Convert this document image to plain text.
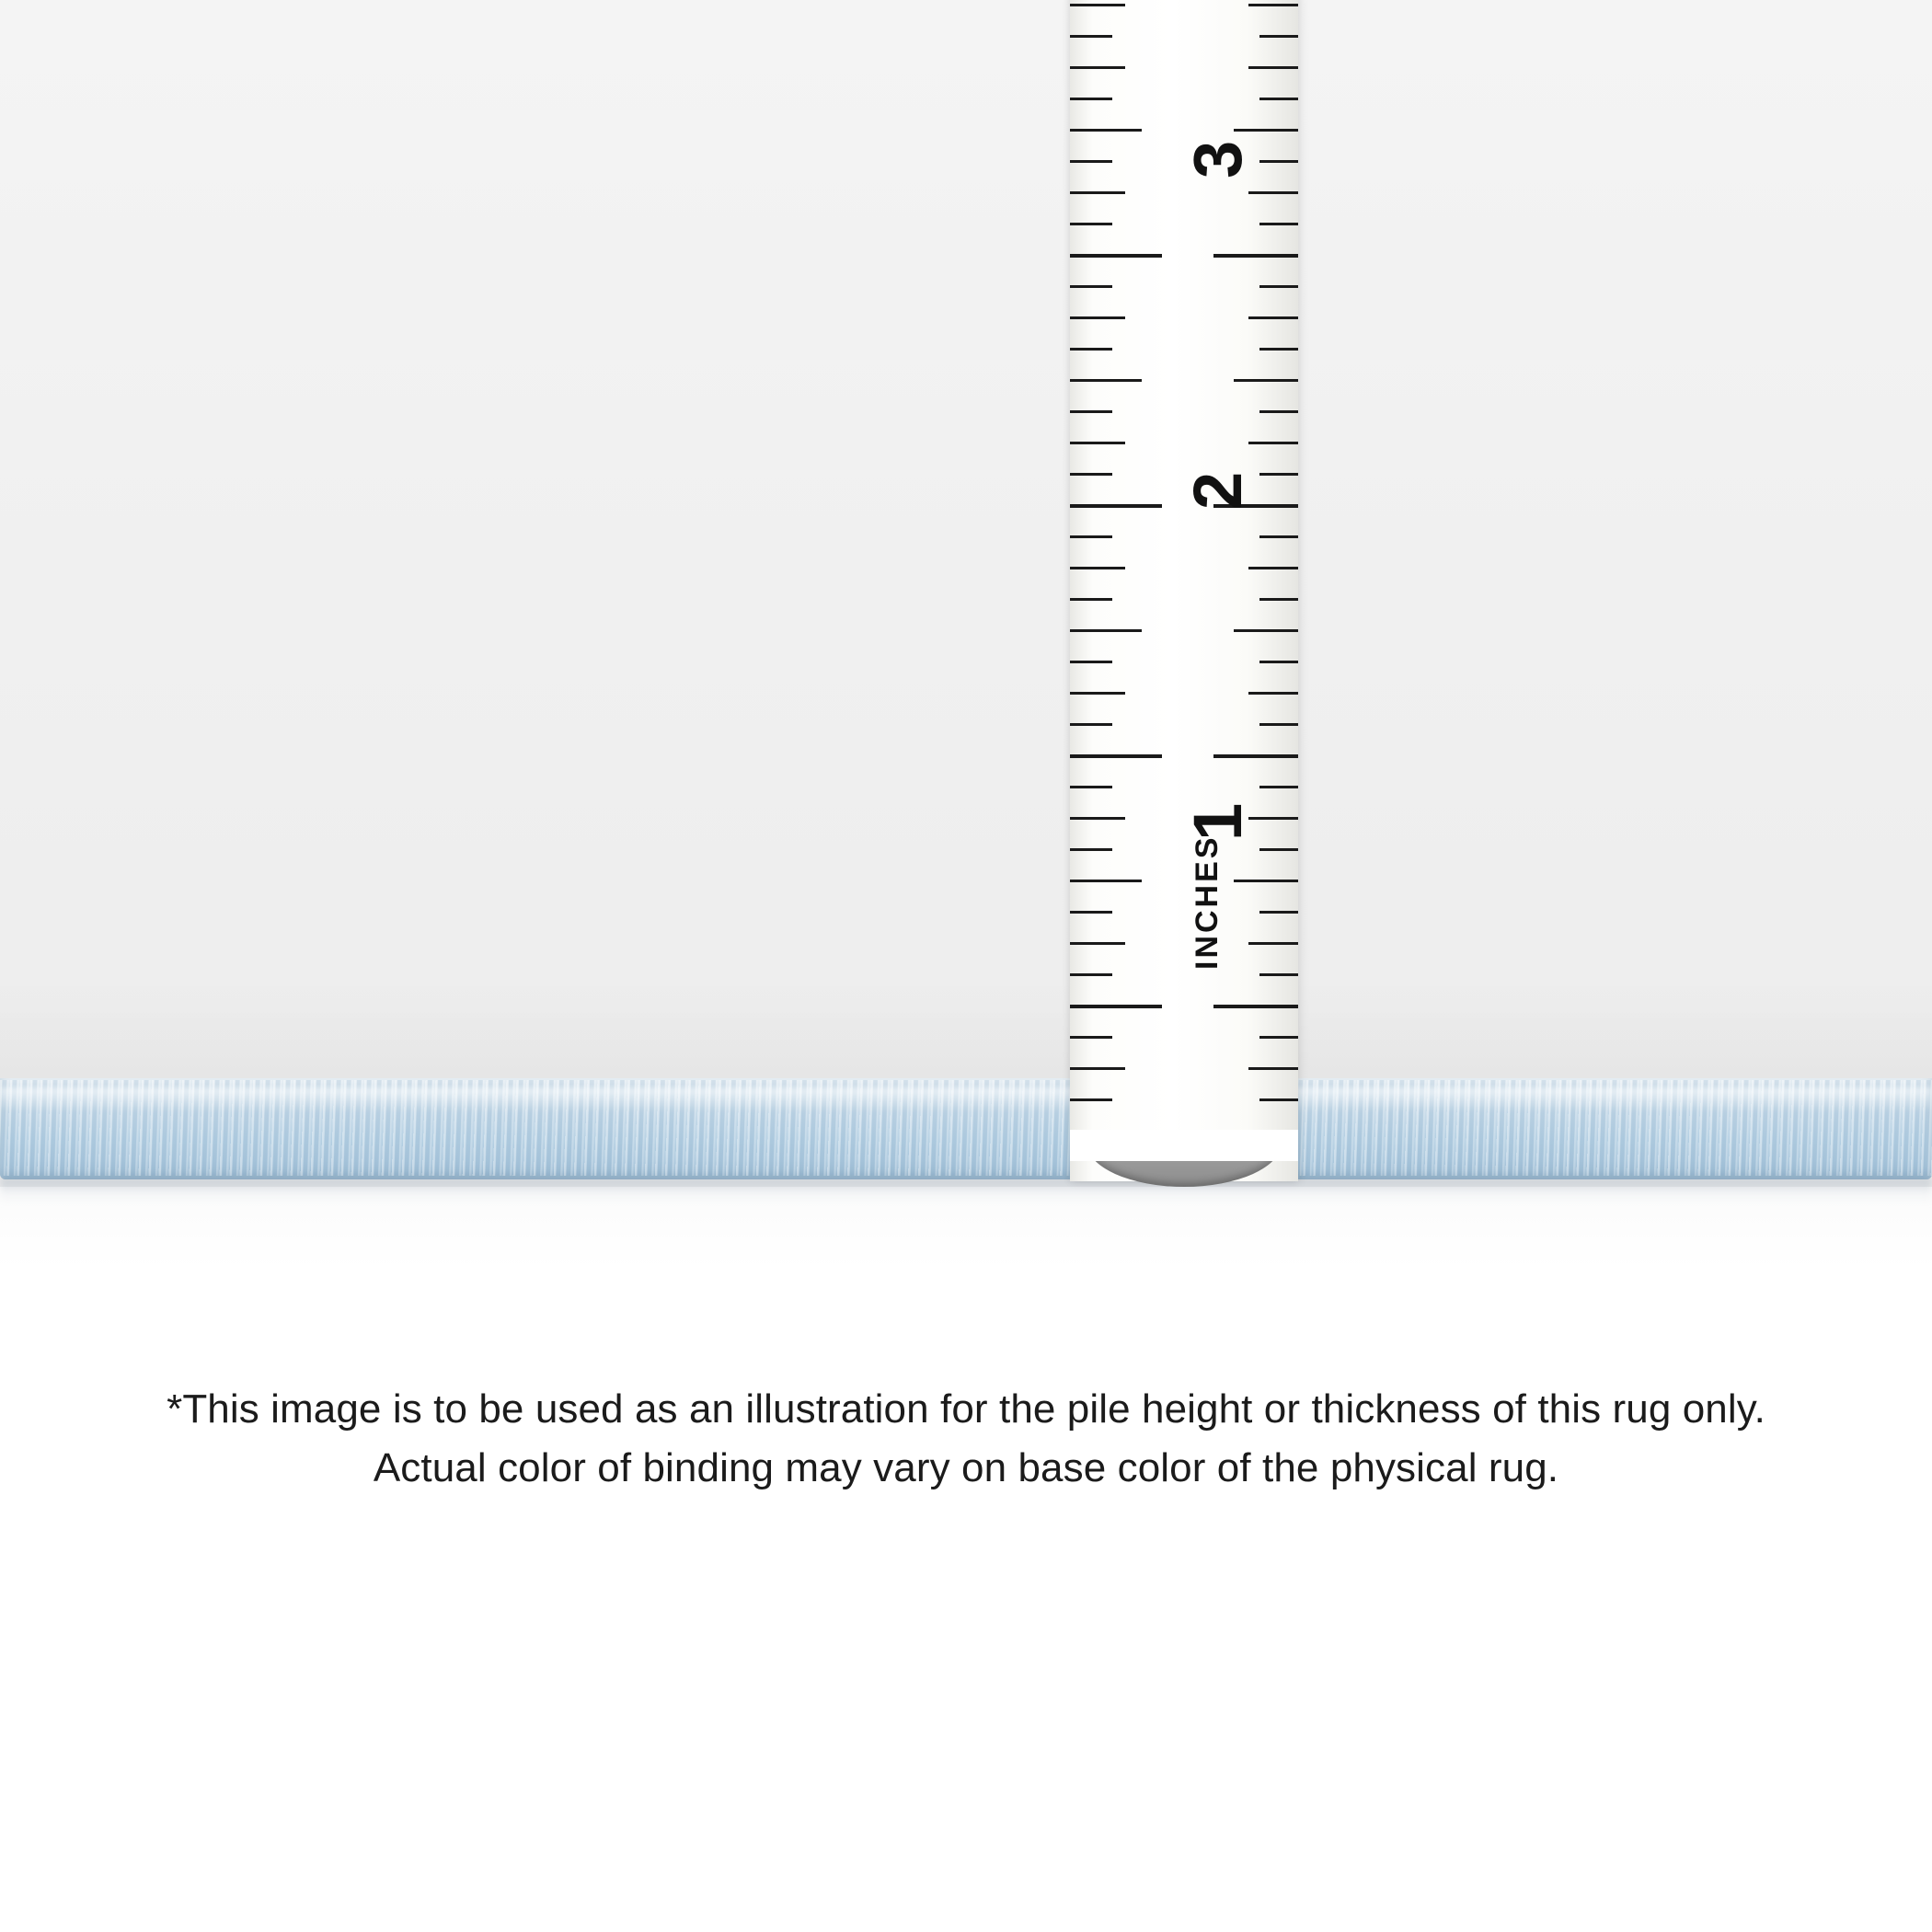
3
2
1
INCHES
*This image is to be used as an illustration for the pile height or thickness of this rug only.
Actual color of binding may vary on base color of the physical rug.
